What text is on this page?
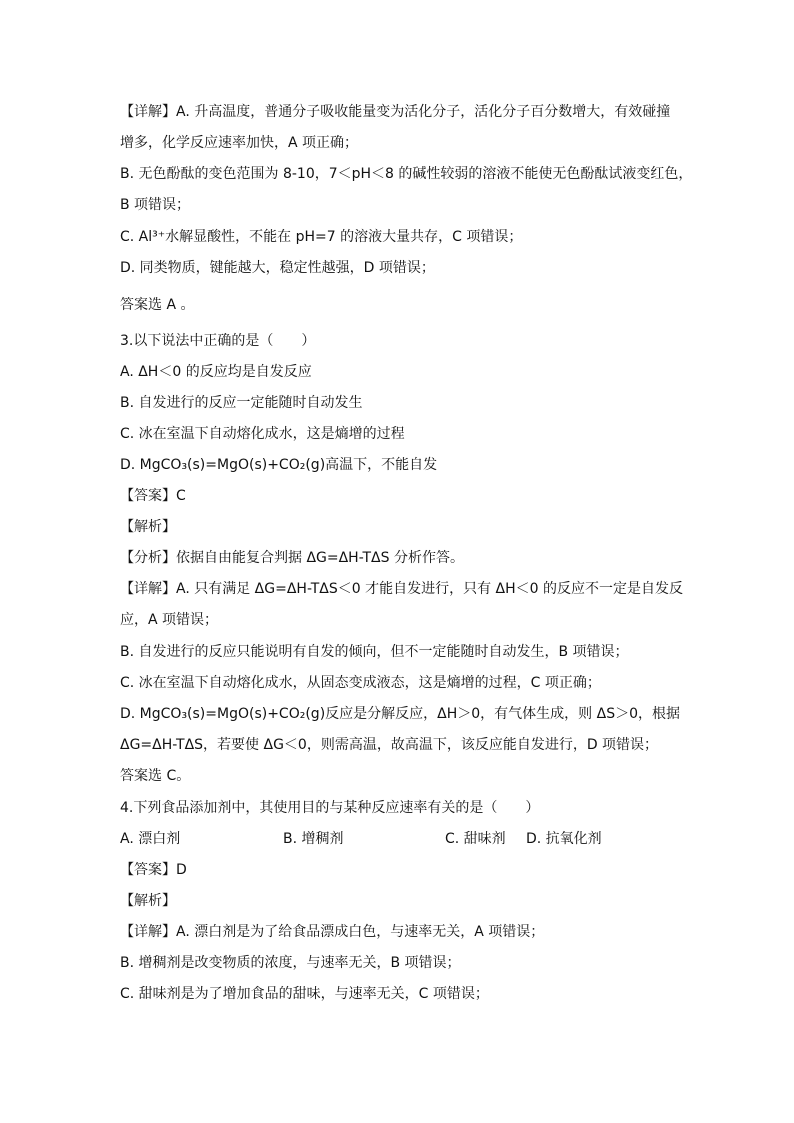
【详解】A. 升高温度，普通分子吸收能量变为活化分子，活化分子百分数增大，有效碰撞
增多，化学反应速率加快，A 项正确；
B. 无色酚酞的变色范围为 8-10，7＜pH＜8 的碱性较弱的溶液不能使无色酚酞试液变红色，
B 项错误；
C. Al³⁺水解显酸性，不能在 pH=7 的溶液大量共存，C 项错误；
D. 同类物质，键能越大，稳定性越强，D 项错误；
答案选 A 。
3.以下说法中正确的是（　　）
A. ΔH＜0 的反应均是自发反应
B. 自发进行的反应一定能随时自动发生
C. 冰在室温下自动熔化成水，这是熵增的过程
D. MgCO₃(s)=MgO(s)+CO₂(g)高温下，不能自发
【答案】C
【解析】
【分析】依据自由能复合判据 ΔG=ΔH-TΔS 分析作答。
【详解】A. 只有满足 ΔG=ΔH-TΔS＜0 才能自发进行，只有 ΔH＜0 的反应不一定是自发反
应，A 项错误；
B. 自发进行的反应只能说明有自发的倾向，但不一定能随时自动发生，B 项错误；
C. 冰在室温下自动熔化成水，从固态变成液态，这是熵增的过程，C 项正确；
D. MgCO₃(s)=MgO(s)+CO₂(g)反应是分解反应，ΔH＞0，有气体生成，则 ΔS＞0，根据
ΔG=ΔH-TΔS，若要使 ΔG＜0，则需高温，故高温下，该反应能自发进行，D 项错误；
答案选 C。
4.下列食品添加剂中，其使用目的与某种反应速率有关的是（　　）
A. 漂白剂	B. 增稠剂	C. 甜味剂 D. 抗氧化剂
【答案】D
【解析】
【详解】A. 漂白剂是为了给食品漂成白色，与速率无关，A 项错误；
B. 增稠剂是改变物质的浓度，与速率无关，B 项错误；
C. 甜味剂是为了增加食品的甜味，与速率无关，C 项错误；
